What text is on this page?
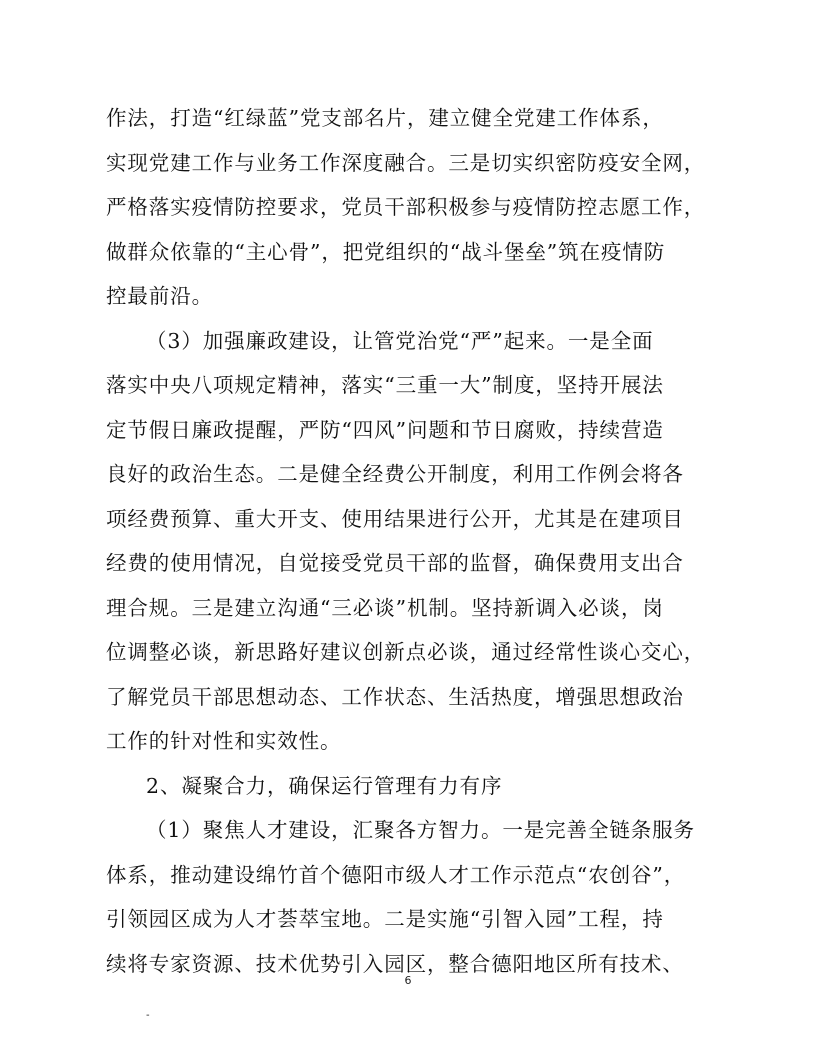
作法，打造“红绿蓝”党支部名片，建立健全党建工作体系，
实现党建工作与业务工作深度融合。三是切实织密防疫安全网，
严格落实疫情防控要求，党员干部积极参与疫情防控志愿工作，
做群众依靠的“主心骨”，把党组织的“战斗堡垒”筑在疫情防
控最前沿。
（3）加强廉政建设，让管党治党“严”起来。一是全面
落实中央八项规定精神，落实“三重一大”制度，坚持开展法
定节假日廉政提醒，严防“四风”问题和节日腐败，持续营造
良好的政治生态。二是健全经费公开制度，利用工作例会将各
项经费预算、重大开支、使用结果进行公开，尤其是在建项目
经费的使用情况，自觉接受党员干部的监督，确保费用支出合
理合规。三是建立沟通“三必谈”机制。坚持新调入必谈，岗
位调整必谈，新思路好建议创新点必谈，通过经常性谈心交心，
了解党员干部思想动态、工作状态、生活热度，增强思想政治
工作的针对性和实效性。
2、凝聚合力，确保运行管理有力有序
（1）聚焦人才建设，汇聚各方智力。一是完善全链条服务
体系，推动建设绵竹首个德阳市级人才工作示范点“农创谷”，
引领园区成为人才荟萃宝地。二是实施“引智入园”工程，持
续将专家资源、技术优势引入园区，整合德阳地区所有技术、
6
-
